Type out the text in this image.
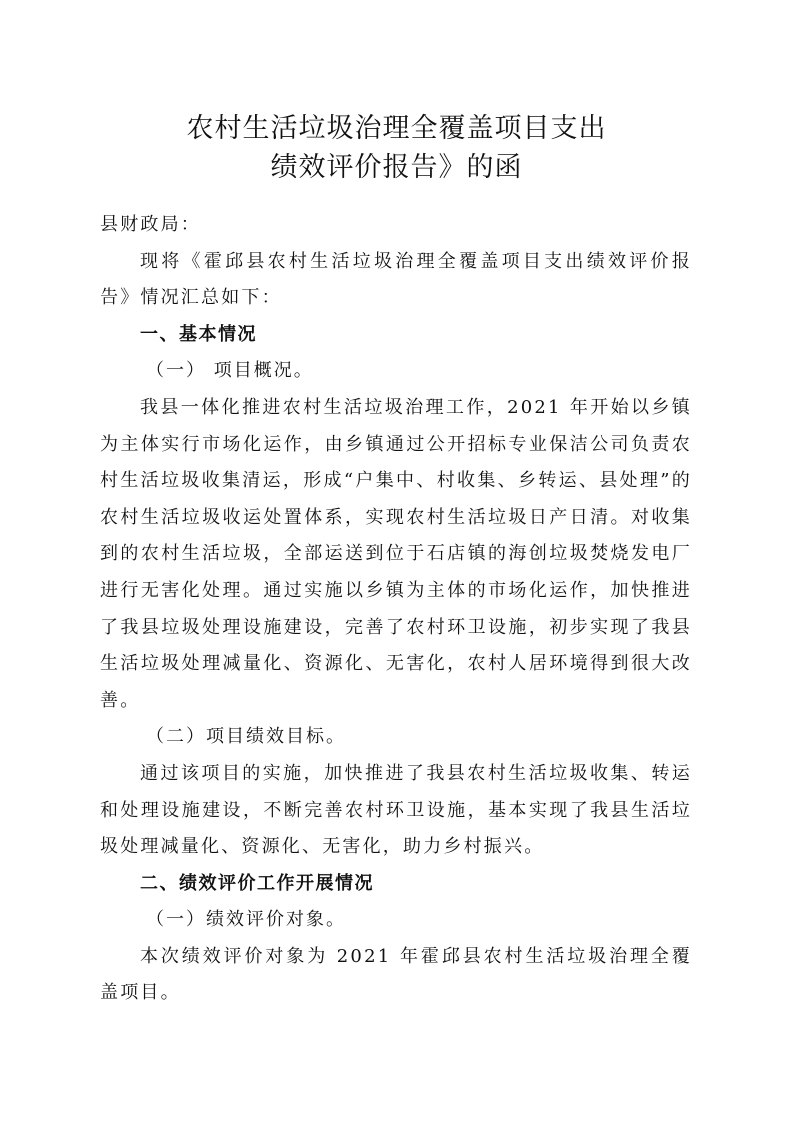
农村生活垃圾治理全覆盖项目支出
绩效评价报告》的函

县财政局：

现将《霍邱县农村生活垃圾治理全覆盖项目支出绩效评价报告》情况汇总如下：

一、基本情况

（一） 项目概况。

我县一体化推进农村生活垃圾治理工作，2021 年开始以乡镇为主体实行市场化运作，由乡镇通过公开招标专业保洁公司负责农村生活垃圾收集清运，形成“户集中、村收集、乡转运、县处理”的农村生活垃圾收运处置体系，实现农村生活垃圾日产日清。对收集到的农村生活垃圾，全部运送到位于石店镇的海创垃圾焚烧发电厂进行无害化处理。通过实施以乡镇为主体的市场化运作，加快推进了我县垃圾处理设施建设，完善了农村环卫设施，初步实现了我县生活垃圾处理减量化、资源化、无害化，农村人居环境得到很大改善。

（二）项目绩效目标。

通过该项目的实施，加快推进了我县农村生活垃圾收集、转运和处理设施建设，不断完善农村环卫设施，基本实现了我县生活垃圾处理减量化、资源化、无害化，助力乡村振兴。

二、绩效评价工作开展情况

（一）绩效评价对象。

本次绩效评价对象为 2021 年霍邱县农村生活垃圾治理全覆盖项目。
